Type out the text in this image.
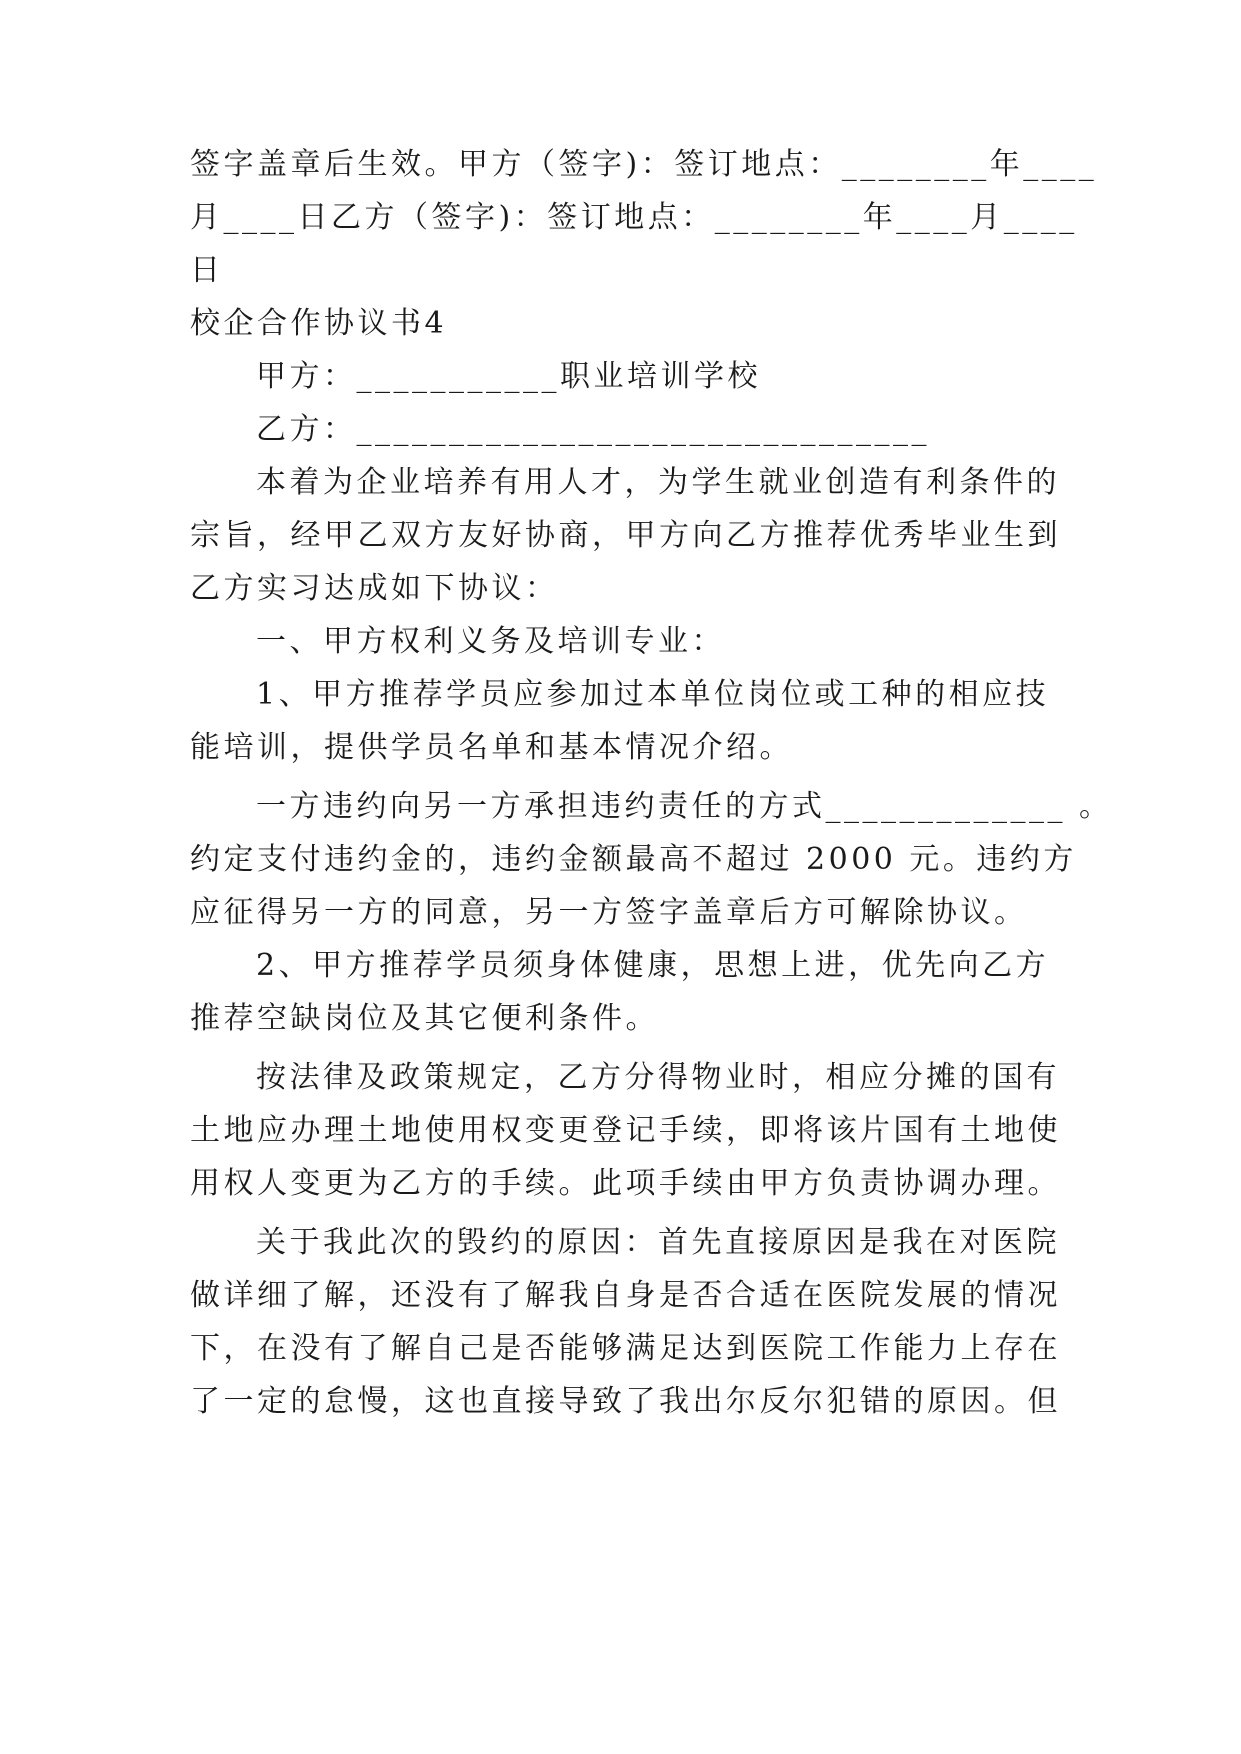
签字盖章后生效。甲方（签字)：签订地点：________年____
月____日乙方（签字)：签订地点：________年____月____
日
校企合作协议书4
甲方：___________职业培训学校
乙方：_______________________________
本着为企业培养有用人才，为学生就业创造有利条件的
宗旨，经甲乙双方友好协商，甲方向乙方推荐优秀毕业生到
乙方实习达成如下协议：
一、甲方权利义务及培训专业：
1、甲方推荐学员应参加过本单位岗位或工种的相应技
能培训，提供学员名单和基本情况介绍。
一方违约向另一方承担违约责任的方式_____________ 。
约定支付违约金的，违约金额最高不超过 2000 元。违约方
应征得另一方的同意，另一方签字盖章后方可解除协议。
2、甲方推荐学员须身体健康，思想上进，优先向乙方
推荐空缺岗位及其它便利条件。
按法律及政策规定，乙方分得物业时，相应分摊的国有
土地应办理土地使用权变更登记手续，即将该片国有土地使
用权人变更为乙方的手续。此项手续由甲方负责协调办理。
关于我此次的毁约的原因：首先直接原因是我在对医院
做详细了解，还没有了解我自身是否合适在医院发展的情况
下，在没有了解自己是否能够满足达到医院工作能力上存在
了一定的怠慢，这也直接导致了我出尔反尔犯错的原因。但
